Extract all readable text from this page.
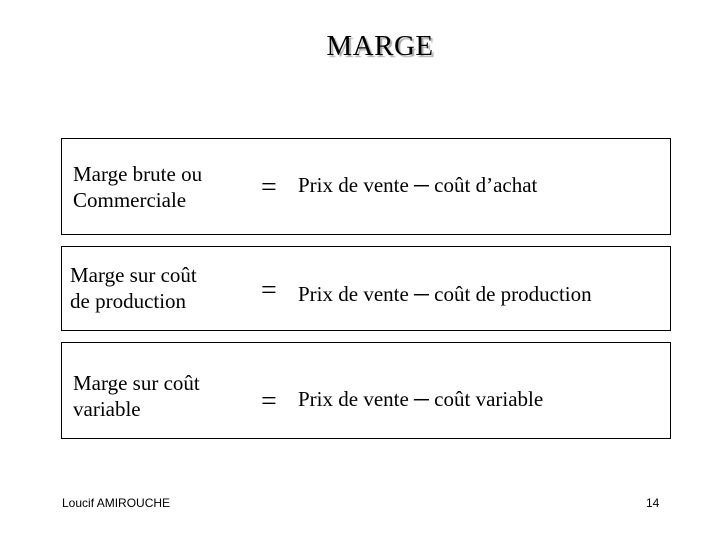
MARGE
Marge brute ou
Commerciale	= Prix de vente ─ coût d’achat
Marge sur coût
de production	= Prix de vente ─ coût de production
Marge sur coût
variable	= Prix de vente ─ coût variable
Loucif AMIROUCHE	14
